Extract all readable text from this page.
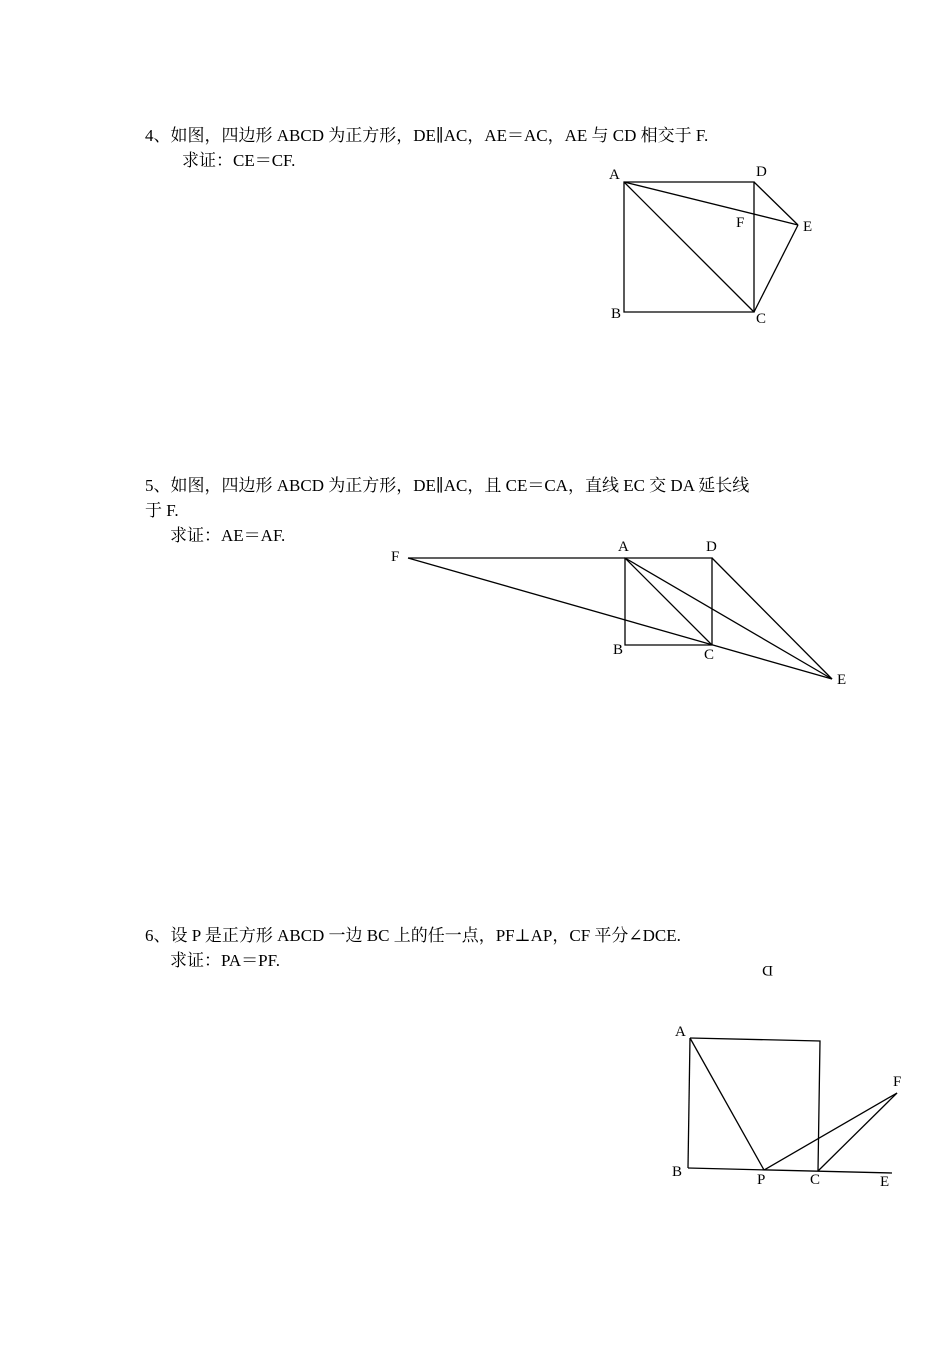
4、如图，四边形 ABCD 为正方形，DE∥AC，AE＝AC，AE 与 CD 相交于 F.
求证：CE＝CF.
5、如图，四边形 ABCD 为正方形，DE∥AC，且 CE＝CA，直线 EC 交 DA 延长线
于 F.
求证：AE＝AF.
6、设 P 是正方形 ABCD 一边 BC 上的任一点，PF⊥AP，CF 平分∠DCE.
求证：PA＝PF.
A	D
F	E
B	C
F
A	D
B	C
E
A
F
B	P	C	E
D
